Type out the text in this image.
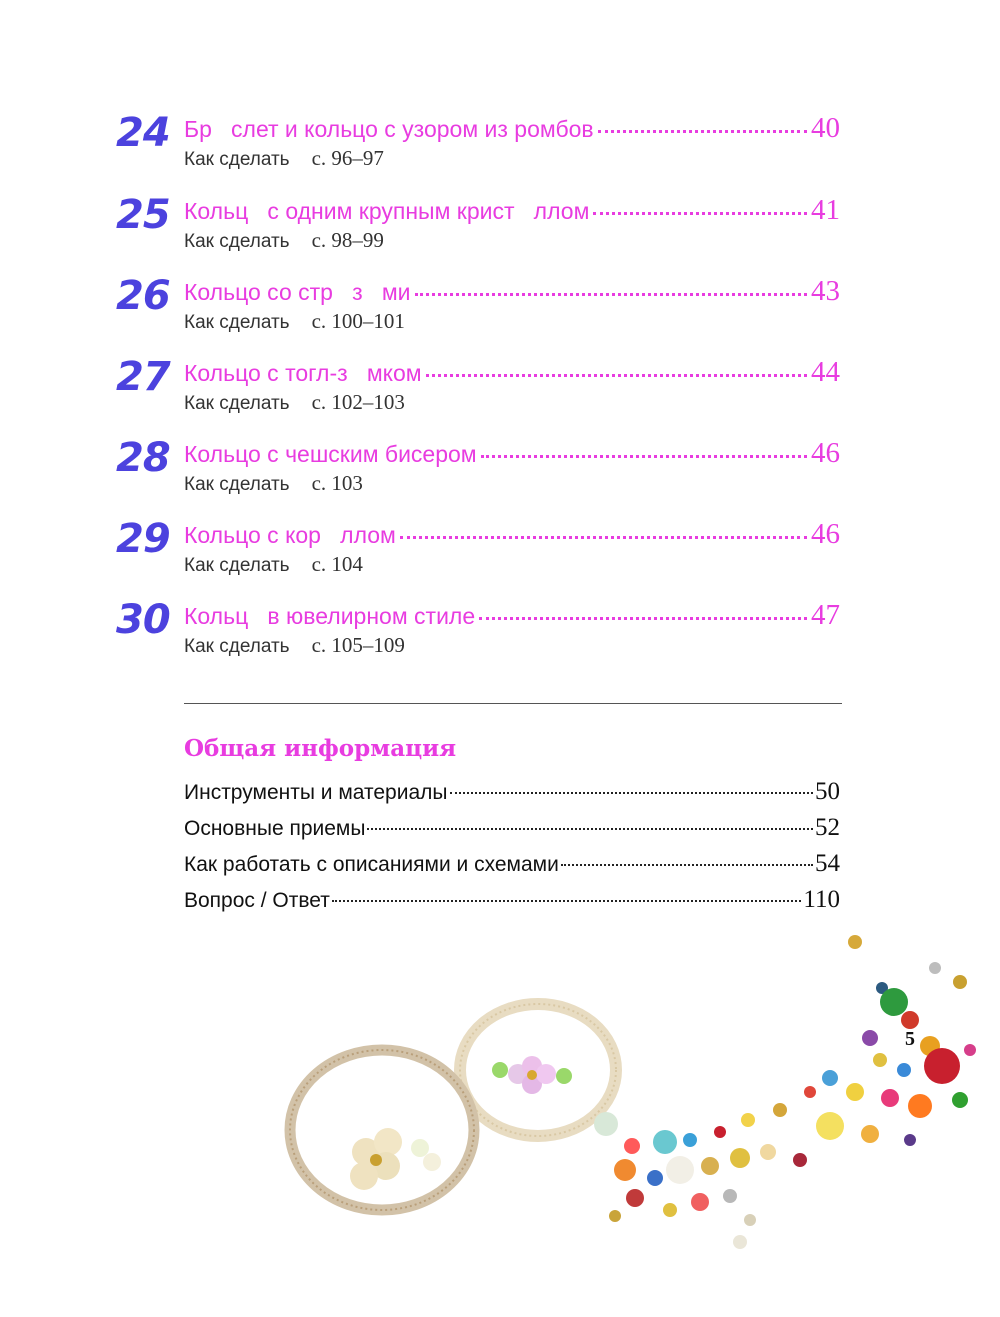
24 Бр   слет и кольцо с узором из ромбов	40
Как сделать с. 96–97
25 Кольц   с одним крупным крист   ллом	41
Как сделать с. 98–99
26 Кольцо со стр   з   ми	43
Как сделать с. 100–101
27 Кольцо с тогл-з   мком	44
Как сделать с. 102–103
28 Кольцо с чешским бисером	46
Как сделать с. 103
29 Кольцо с кор   ллом	46
Как сделать с. 104
30 Кольц   в ювелирном стиле	47
Как сделать с. 105–109
Общая информация
Инструменты и материалы	50
Основные приемы	52
Как работать с описаниями и схемами	54
Вопрос / Ответ	110
5
